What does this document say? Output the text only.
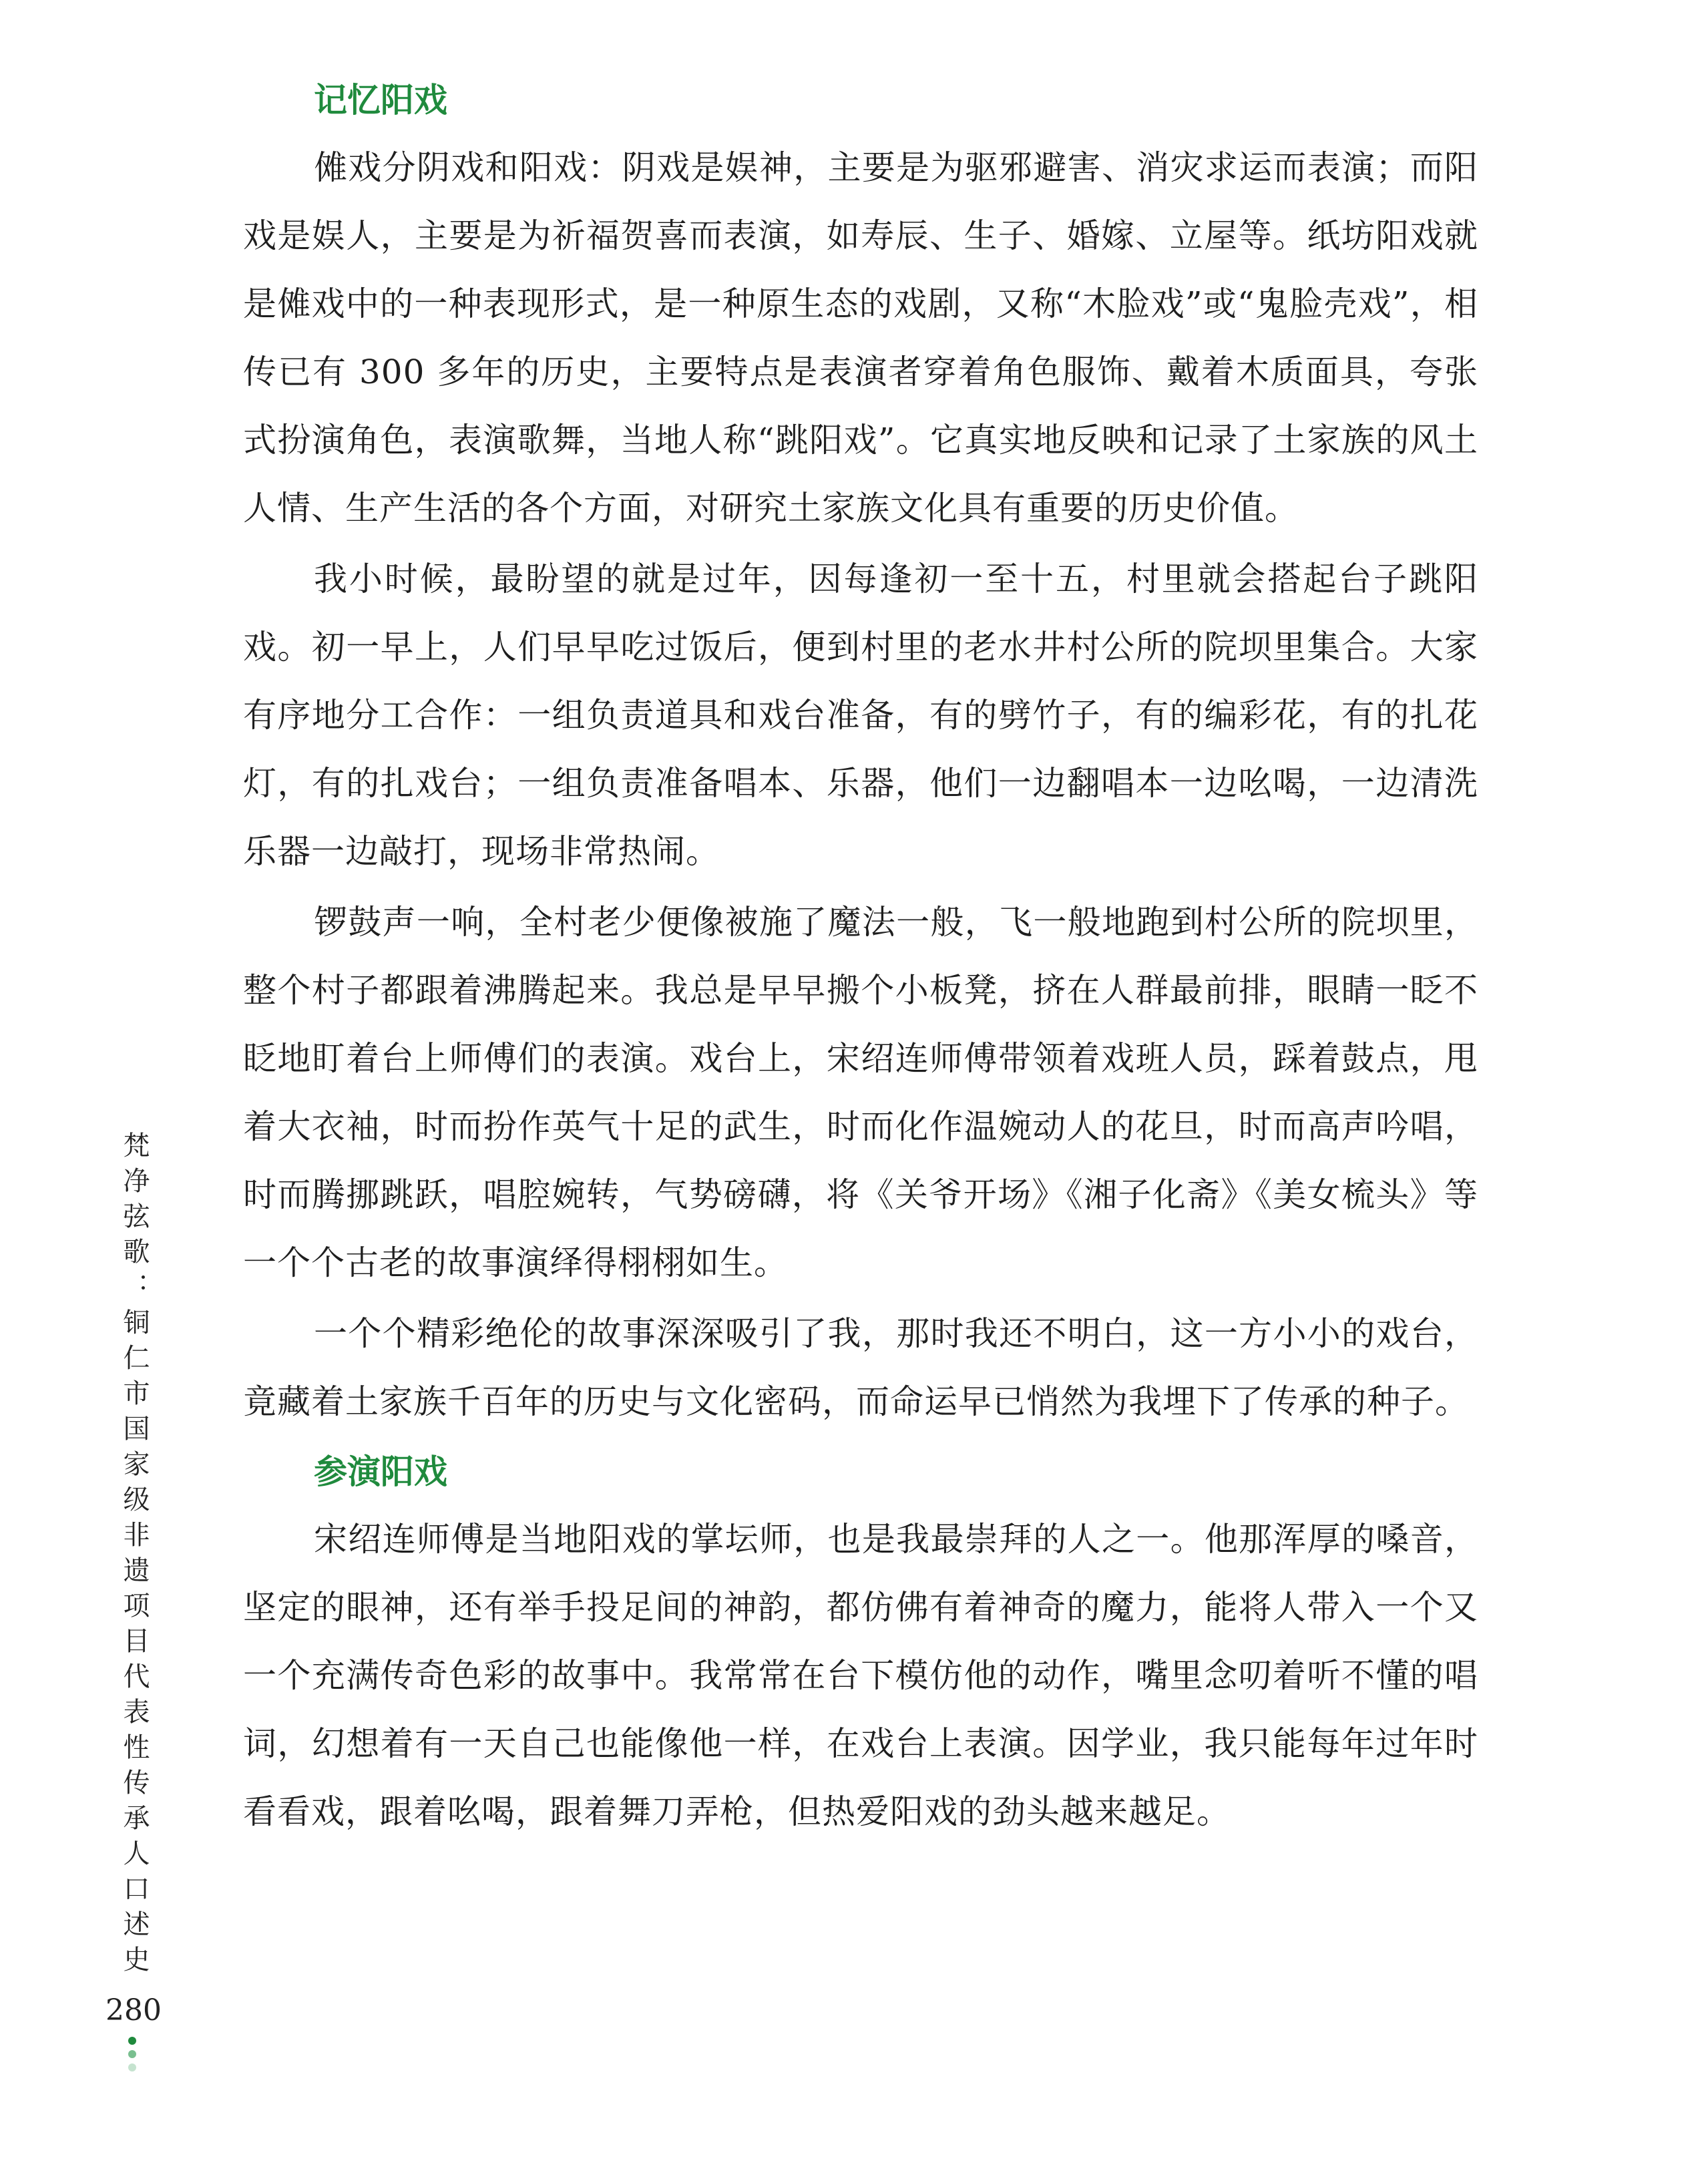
记忆阳戏

傩戏分阴戏和阳戏：阴戏是娱神，主要是为驱邪避害、消灾求运而表演；而阳戏是娱人，主要是为祈福贺喜而表演，如寿辰、生子、婚嫁、立屋等。纸坊阳戏就是傩戏中的一种表现形式，是一种原生态的戏剧，又称“木脸戏”或“鬼脸壳戏”，相传已有 300 多年的历史，主要特点是表演者穿着角色服饰、戴着木质面具，夸张式扮演角色，表演歌舞，当地人称“跳阳戏”。它真实地反映和记录了土家族的风土人情、生产生活的各个方面，对研究土家族文化具有重要的历史价值。

我小时候，最盼望的就是过年，因每逢初一至十五，村里就会搭起台子跳阳戏。初一早上，人们早早吃过饭后，便到村里的老水井村公所的院坝里集合。大家有序地分工合作：一组负责道具和戏台准备，有的劈竹子，有的编彩花，有的扎花灯，有的扎戏台；一组负责准备唱本、乐器，他们一边翻唱本一边吆喝，一边清洗乐器一边敲打，现场非常热闹。

锣鼓声一响，全村老少便像被施了魔法一般，飞一般地跑到村公所的院坝里，整个村子都跟着沸腾起来。我总是早早搬个小板凳，挤在人群最前排，眼睛一眨不眨地盯着台上师傅们的表演。戏台上，宋绍连师傅带领着戏班人员，踩着鼓点，甩着大衣袖，时而扮作英气十足的武生，时而化作温婉动人的花旦，时而高声吟唱，时而腾挪跳跃，唱腔婉转，气势磅礴，将《关爷开场》《湘子化斋》《美女梳头》等一个个古老的故事演绎得栩栩如生。

一个个精彩绝伦的故事深深吸引了我，那时我还不明白，这一方小小的戏台，竟藏着土家族千百年的历史与文化密码，而命运早已悄然为我埋下了传承的种子。

参演阳戏

宋绍连师傅是当地阳戏的掌坛师，也是我最崇拜的人之一。他那浑厚的嗓音，坚定的眼神，还有举手投足间的神韵，都仿佛有着神奇的魔力，能将人带入一个又一个充满传奇色彩的故事中。我常常在台下模仿他的动作，嘴里念叨着听不懂的唱词，幻想着有一天自己也能像他一样，在戏台上表演。因学业，我只能每年过年时看看戏，跟着吆喝，跟着舞刀弄枪，但热爱阳戏的劲头越来越足。

梵净弦歌：铜仁市国家级非遗项目代表性传承人口述史
280
